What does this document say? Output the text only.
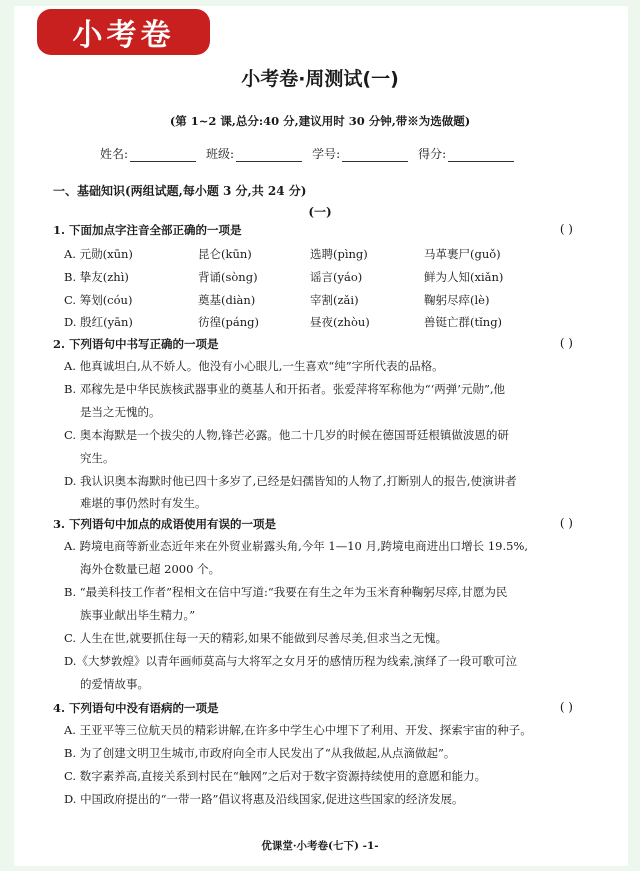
小考卷
小考卷·周测试(一)
(第 1~2 课,总分:40 分,建议用时 30 分钟,带※为选做题)
姓名:	班级:	学号:	得分:
一、基础知识(两组试题,每小题 3 分,共 24 分)
(一)
1. 下面加点字注音全部正确的一项是	( )
A. 元勋(xūn)	昆仑(kūn)	选聘(pìng)	马革裹尸(guǒ)
B. 挚友(zhì)	背诵(sòng)	谣言(yáo)	鲜为人知(xiǎn)
C. 筹划(cóu)	奠基(diàn)	宰割(zǎi)	鞠躬尽瘁(lè)
D. 殷红(yān)	彷徨(páng)	昼夜(zhòu)	兽铤亡群(tǐng)
2. 下列语句中书写正确的一项是	( )
A. 他真诚坦白,从不娇人。他没有小心眼儿,一生喜欢“纯”字所代表的品格。
B. 邓稼先是中华民族核武器事业的奠基人和开拓者。张爱萍将军称他为“‘两弹’元勋”,他
是当之无愧的。
C. 奥本海默是一个拔尖的人物,锋芒必露。他二十几岁的时候在德国哥廷根镇做波恩的研
究生。
D. 我认识奥本海默时他已四十多岁了,已经是妇孺皆知的人物了,打断别人的报告,使演讲者
难堪的事仍然时有发生。
3. 下列语句中加点的成语使用有误的一项是	( )
A. 跨境电商等新业态近年来在外贸业崭露头角,今年 1—10 月,跨境电商进出口增长 19.5%,
海外仓数量已超 2000 个。
B. “最美科技工作者”程相文在信中写道:“我要在有生之年为玉米育种鞠躬尽瘁,甘愿为民
族事业献出毕生精力。”
C. 人生在世,就要抓住每一天的精彩,如果不能做到尽善尽美,但求当之无愧。
D.《大梦敦煌》以青年画师莫高与大将军之女月牙的感情历程为线索,演绎了一段可歌可泣
的爱情故事。
4. 下列语句中没有语病的一项是	( )
A. 王亚平等三位航天员的精彩讲解,在许多中学生心中埋下了利用、开发、探索宇宙的种子。
B. 为了创建文明卫生城市,市政府向全市人民发出了“从我做起,从点滴做起”。
C. 数字素养高,直接关系到村民在“触网”之后对于数字资源持续使用的意愿和能力。
D. 中国政府提出的“一带一路”倡议将惠及沿线国家,促进这些国家的经济发展。
优课堂·小考卷(七下) -1-
